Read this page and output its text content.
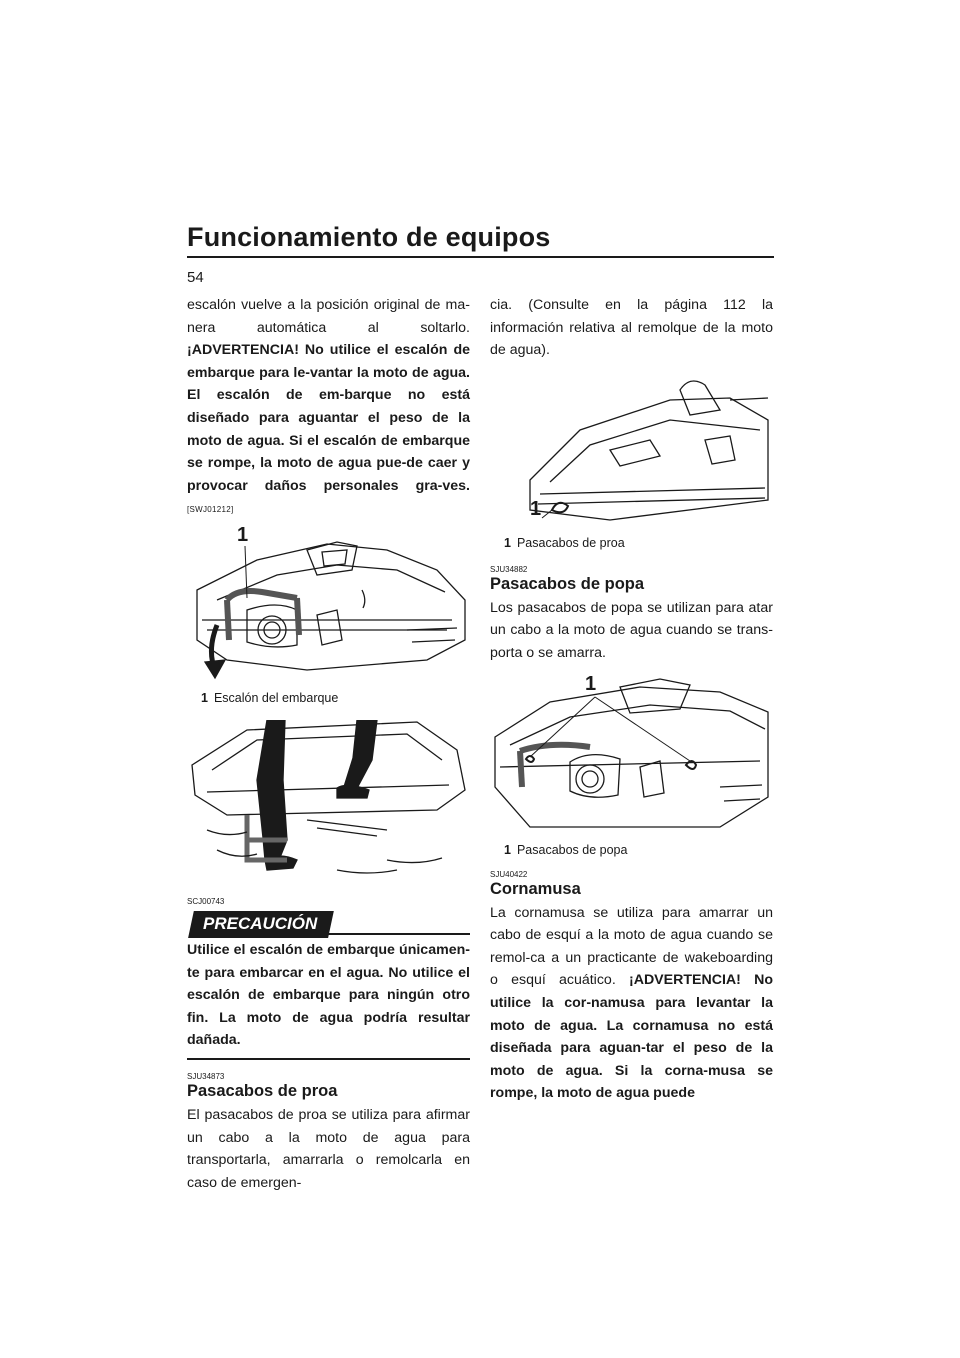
Funcionamiento de equipos
54

escalón vuelve a la posición original de ma-nera automática al soltarlo. ¡ADVERTENCIA! No utilice el escalón de embarque para le-vantar la moto de agua. El escalón de em-barque no está diseñado para aguantar el peso de la moto de agua. Si el escalón de embarque se rompe, la moto de agua pue-de caer y provocar daños personales gra-ves. [SWJ01212]

1
1 Escalón del embarque
SCJ00743
PRECAUCIÓN

Utilice el escalón de embarque únicamen-te para embarcar en el agua. No utilice el escalón de embarque para ningún otro fin. La moto de agua podría resultar dañada.

SJU34873
Pasacabos de proa

El pasacabos de proa se utiliza para afirmar un cabo a la moto de agua para transportarla, amarrarla o remolcarla en caso de emergen-

cia. (Consulte en la página 112 la información relativa al remolque de la moto de agua).

1
1 Pasacabos de proa
SJU34882
Pasacabos de popa

Los pasacabos de popa se utilizan para atar un cabo a la moto de agua cuando se trans-porta o se amarra.

1
1 Pasacabos de popa
SJU40422
Cornamusa

La cornamusa se utiliza para amarrar un cabo de esquí a la moto de agua cuando se remol-ca a un practicante de wakeboarding o esquí acuático. ¡ADVERTENCIA! No utilice la cor-namusa para levantar la moto de agua. La cornamusa no está diseñada para aguan-tar el peso de la moto de agua. Si la corna-musa se rompe, la moto de agua puede
